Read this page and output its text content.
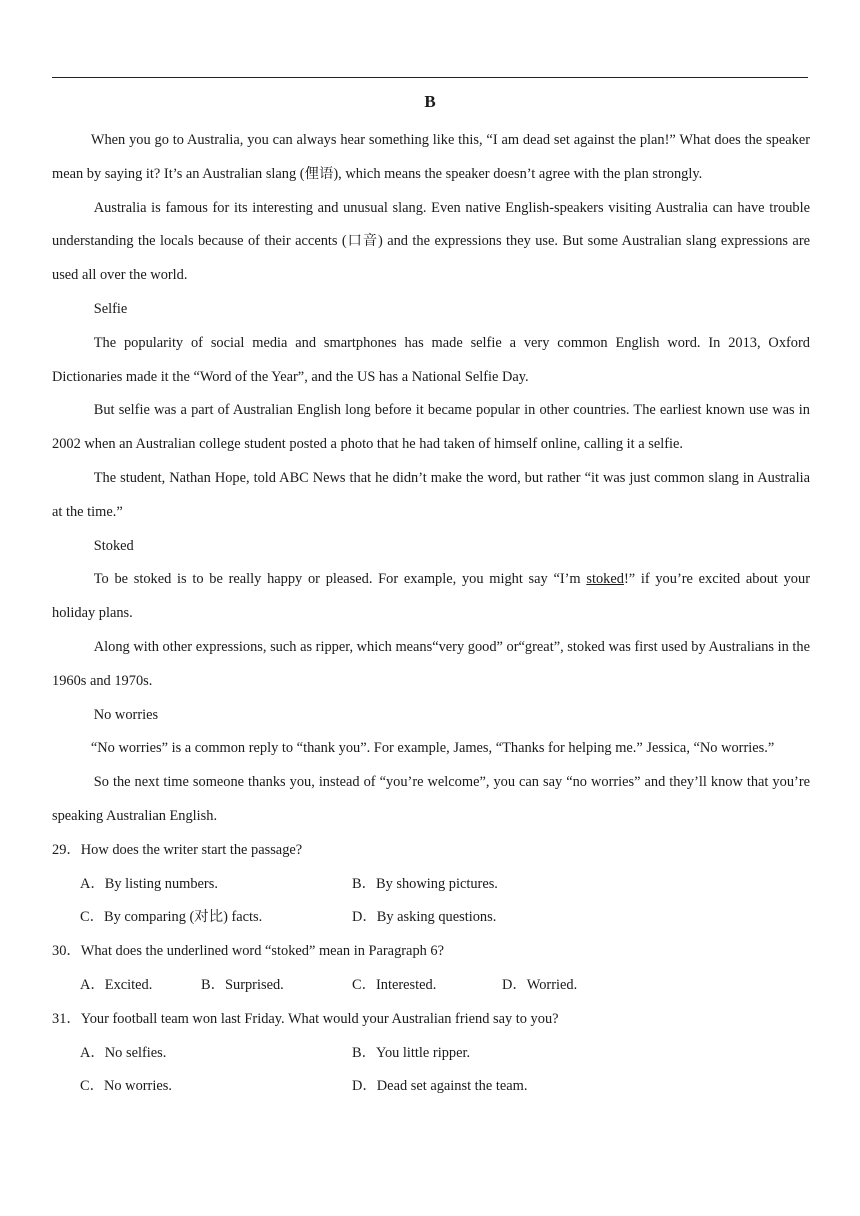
B

When you go to Australia, you can always hear something like this, “I am dead set against the plan!” What does the speaker mean by saying it? It’s an Australian slang (俚语), which means the speaker doesn’t agree with the plan strongly.

Australia is famous for its interesting and unusual slang. Even native English-speakers visiting Australia can have trouble understanding the locals because of their accents (口音) and the expressions they use. But some Australian slang expressions are used all over the world.

Selfie

The popularity of social media and smartphones has made selfie a very common English word. In 2013, Oxford Dictionaries made it the “Word of the Year”, and the US has a National Selfie Day.

But selfie was a part of Australian English long before it became popular in other countries. The earliest known use was in 2002 when an Australian college student posted a photo that he had taken of himself online, calling it a selfie.

The student, Nathan Hope, told ABC News that he didn’t make the word, but rather “it was just common slang in Australia at the time.”

Stoked

To be stoked is to be really happy or pleased. For example, you might say “I’m stoked!” if you’re excited about your holiday plans.

Along with other expressions, such as ripper, which means“very good” or“great”, stoked was first used by Australians in the 1960s and 1970s.

No worries

“No worries” is a common reply to “thank you”. For example, James, “Thanks for helping me.” Jessica, “No worries.”

So the next time someone thanks you, instead of “you’re welcome”, you can say “no worries” and they’ll know that you’re speaking Australian English.

29．How does the writer start the passage?
A．By listing numbers.	B．By showing pictures.
C．By comparing (对比) facts.	D．By asking questions.
30．What does the underlined word “stoked” mean in Paragraph 6?
A．Excited.	B．Surprised.	C．Interested.	D．Worried.
31．Your football team won last Friday. What would your Australian friend say to you?
A．No selfies.	B．You little ripper.
C．No worries.	D．Dead set against the team.
